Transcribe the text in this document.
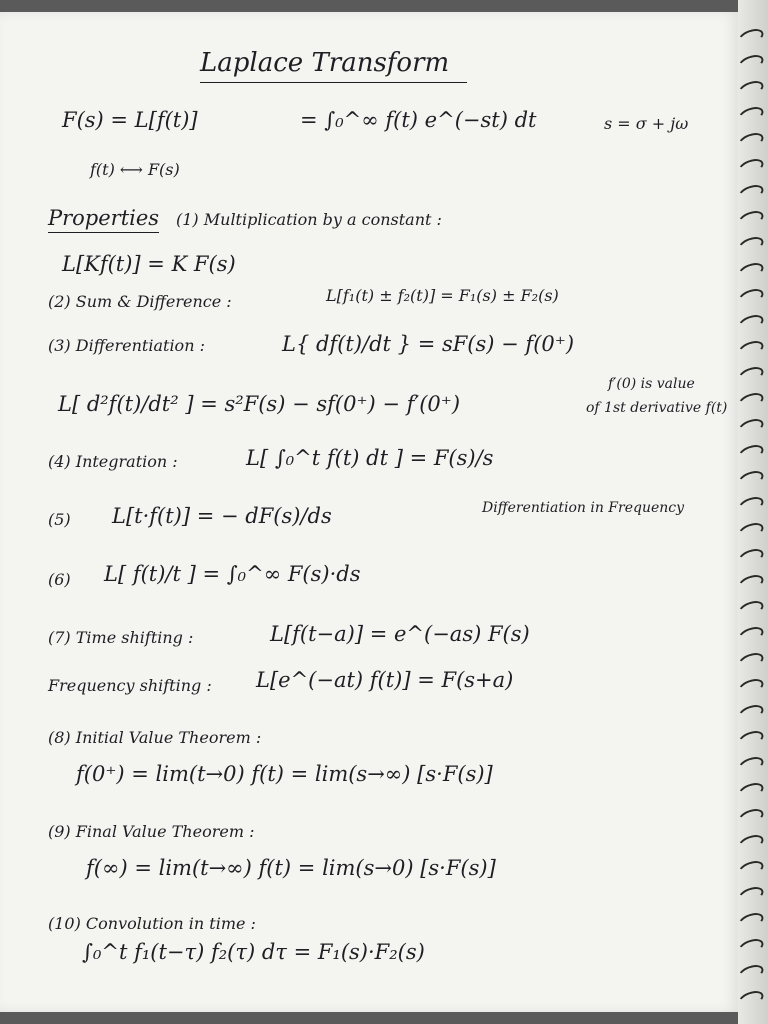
Laplace Transform
F(s) = L[f(t)]	= ∫₀^∞ f(t) e^(−st) dt	s = σ + jω
f(t) ⟷ F(s)
Properties (1) Multiplication by a constant :
L[Kf(t)] = K F(s)
(2) Sum & Difference :	L[f₁(t) ± f₂(t)] = F₁(s) ± F₂(s)
(3) Differentiation :	L{ df(t)/dt } = sF(s) − f(0⁺)
L[ d²f(t)/dt² ] = s²F(s) − sf(0⁺) − f′(0⁺)
f′(0) is value
of 1st derivative f(t)
(4) Integration :	L[ ∫₀^t f(t) dt ] = F(s)/s
(5) L[t·f(t)] = − dF(s)/ds	Differentiation in Frequency
(6) L[ f(t)/t ] = ∫₀^∞ F(s)·ds
(7) Time shifting :	L[f(t−a)] = e^(−as) F(s)
Frequency shifting : L[e^(−at) f(t)] = F(s+a)
(8) Initial Value Theorem :
f(0⁺) = lim(t→0) f(t) = lim(s→∞) [s·F(s)]
(9) Final Value Theorem :
f(∞) = lim(t→∞) f(t) = lim(s→0) [s·F(s)]
(10) Convolution in time :
∫₀^t f₁(t−τ) f₂(τ) dτ = F₁(s)·F₂(s)
